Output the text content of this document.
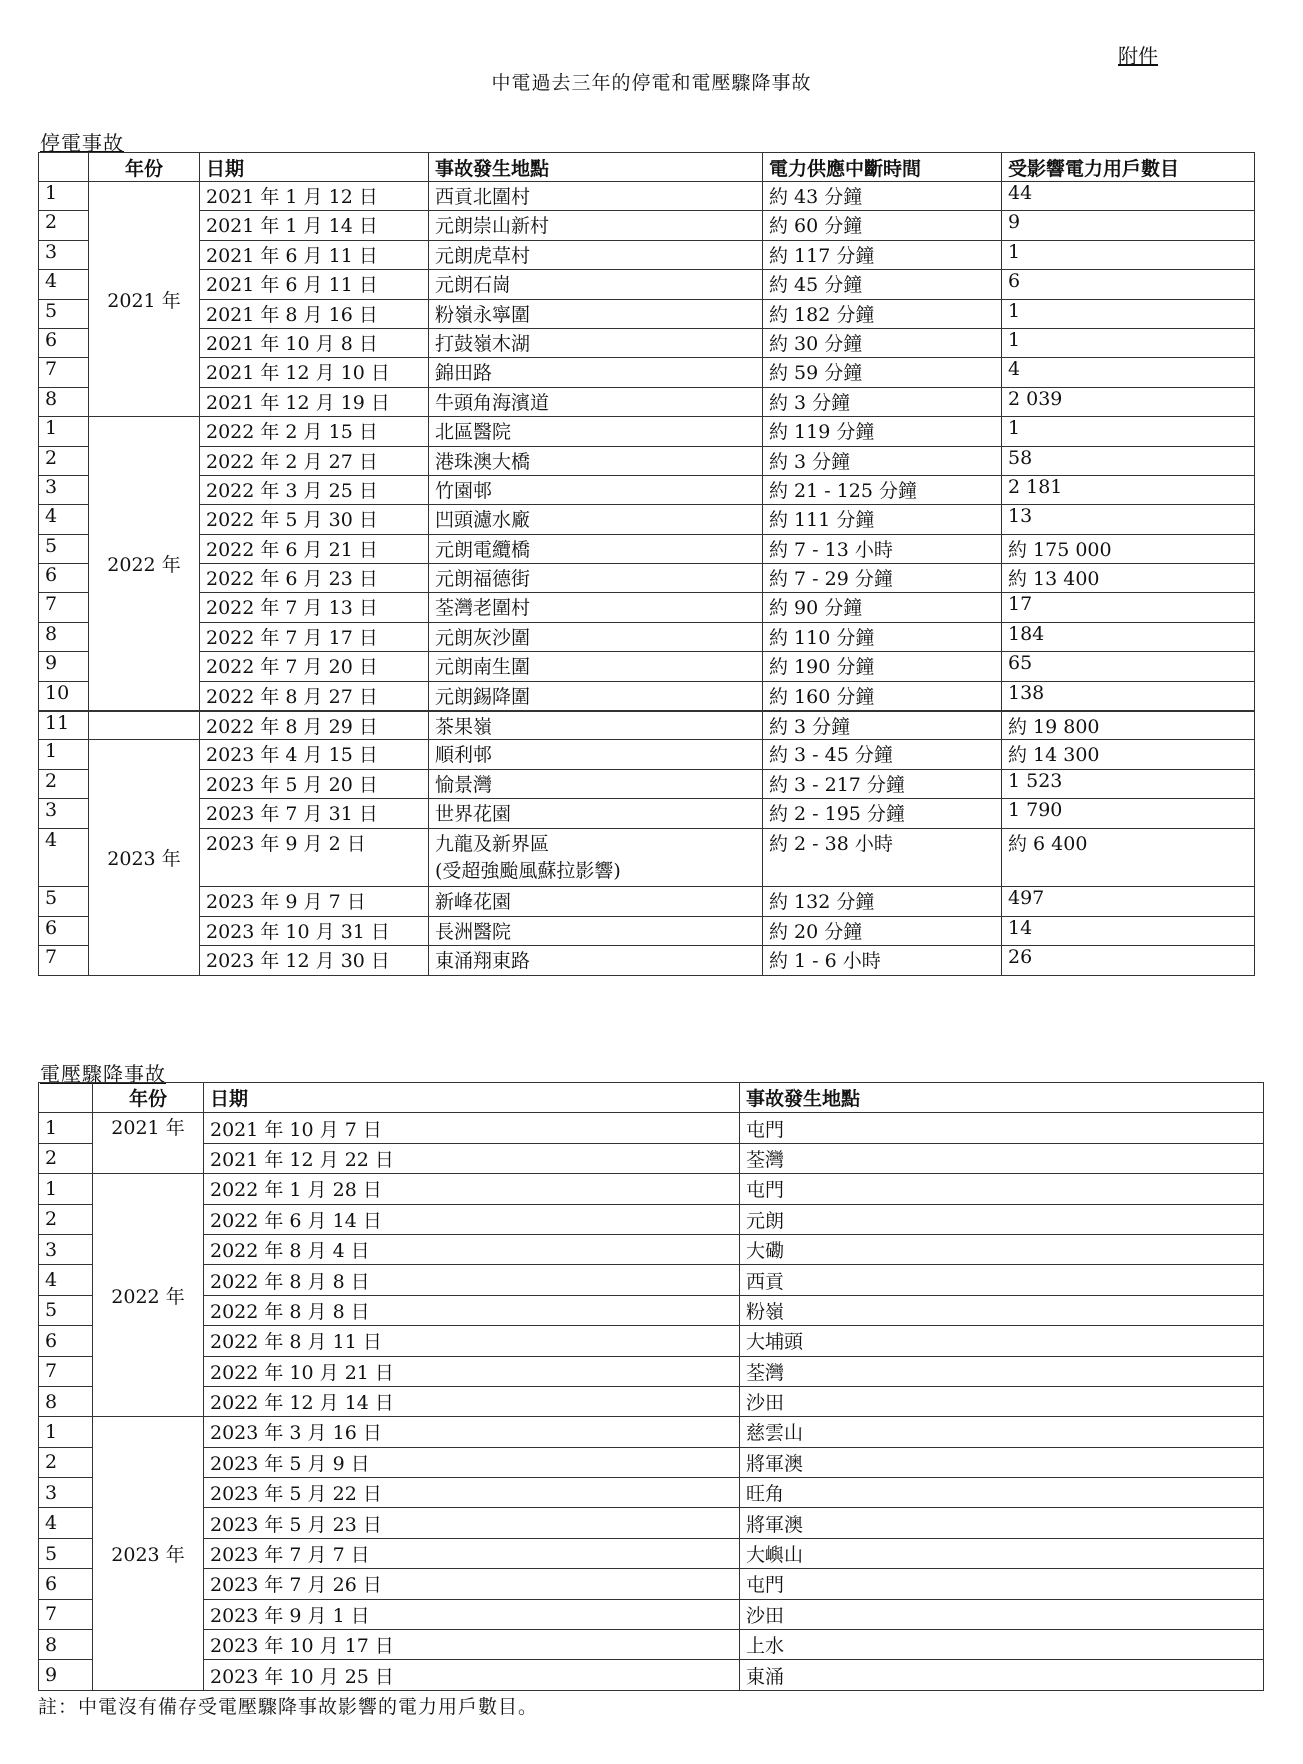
附件
中電過去三年的停電和電壓驟降事故
停電事故
	年份	日期	事故發生地點	電力供應中斷時間	受影響電力用戶數目
1	2021 年	2021 年 1 月 12 日	西貢北圍村	約 43 分鐘	44
2		2021 年 1 月 14 日	元朗崇山新村	約 60 分鐘	9
3		2021 年 6 月 11 日	元朗虎草村	約 117 分鐘	1
4		2021 年 6 月 11 日	元朗石崗	約 45 分鐘	6
5		2021 年 8 月 16 日	粉嶺永寧圍	約 182 分鐘	1
6		2021 年 10 月 8 日	打鼓嶺木湖	約 30 分鐘	1
7		2021 年 12 月 10 日	錦田路	約 59 分鐘	4
8		2021 年 12 月 19 日	牛頭角海濱道	約 3 分鐘	2 039
1	2022 年	2022 年 2 月 15 日	北區醫院	約 119 分鐘	1
2		2022 年 2 月 27 日	港珠澳大橋	約 3 分鐘	58
3		2022 年 3 月 25 日	竹園邨	約 21 - 125 分鐘	2 181
4		2022 年 5 月 30 日	凹頭濾水廠	約 111 分鐘	13
5		2022 年 6 月 21 日	元朗電纜橋	約 7 - 13 小時	約 175 000
6		2022 年 6 月 23 日	元朗福德街	約 7 - 29 分鐘	約 13 400
7		2022 年 7 月 13 日	荃灣老圍村	約 90 分鐘	17
8		2022 年 7 月 17 日	元朗灰沙圍	約 110 分鐘	184
9		2022 年 7 月 20 日	元朗南生圍	約 190 分鐘	65
10		2022 年 8 月 27 日	元朗錫降圍	約 160 分鐘	138
11		2022 年 8 月 29 日	茶果嶺	約 3 分鐘	約 19 800
1	2023 年	2023 年 4 月 15 日	順利邨	約 3 - 45 分鐘	約 14 300
2		2023 年 5 月 20 日	愉景灣	約 3 - 217 分鐘	1 523
3		2023 年 7 月 31 日	世界花園	約 2 - 195 分鐘	1 790
4		2023 年 9 月 2 日	九龍及新界區
(受超強颱風蘇拉影響)	約 2 - 38 小時	約 6 400
5		2023 年 9 月 7 日	新峰花園	約 132 分鐘	497
6		2023 年 10 月 31 日	長洲醫院	約 20 分鐘	14
7		2023 年 12 月 30 日	東涌翔東路	約 1 - 6 小時	26
電壓驟降事故
	年份	日期	事故發生地點
1	2021 年	2021 年 10 月 7 日	屯門
2		2021 年 12 月 22 日	荃灣
1	2022 年	2022 年 1 月 28 日	屯門
2		2022 年 6 月 14 日	元朗
3		2022 年 8 月 4 日	大磡
4		2022 年 8 月 8 日	西貢
5		2022 年 8 月 8 日	粉嶺
6		2022 年 8 月 11 日	大埔頭
7		2022 年 10 月 21 日	荃灣
8		2022 年 12 月 14 日	沙田
1	2023 年	2023 年 3 月 16 日	慈雲山
2		2023 年 5 月 9 日	將軍澳
3		2023 年 5 月 22 日	旺角
4		2023 年 5 月 23 日	將軍澳
5		2023 年 7 月 7 日	大嶼山
6		2023 年 7 月 26 日	屯門
7		2023 年 9 月 1 日	沙田
8		2023 年 10 月 17 日	上水
9		2023 年 10 月 25 日	東涌
註：中電沒有備存受電壓驟降事故影響的電力用戶數目。
